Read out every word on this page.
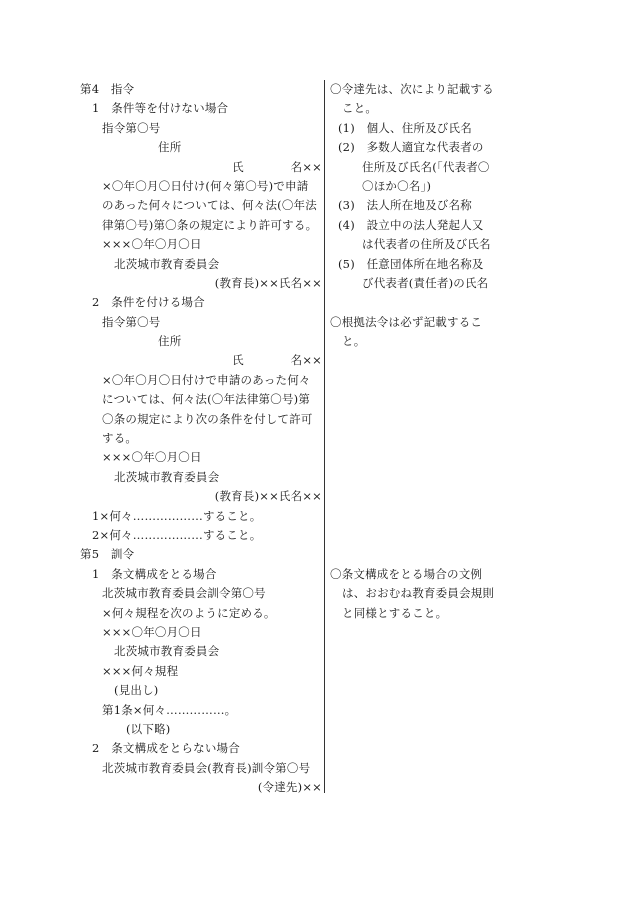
第4　指令
1　条件等を付けない場合
指令第〇号
住所
氏　　　　名××
×〇年〇月〇日付け(何々第〇号)で申請
のあった何々については、何々法(〇年法
律第〇号)第〇条の規定により許可する。
×××〇年〇月〇日
北茨城市教育委員会
(教育長)××氏名××
2　条件を付ける場合
指令第〇号
住所
氏　　　　名××
×〇年〇月〇日付けで申請のあった何々
については、何々法(〇年法律第〇号)第
〇条の規定により次の条件を付して許可
する。
×××〇年〇月〇日
北茨城市教育委員会
(教育長)××氏名××
1×何々………………すること。
2×何々………………すること。
第5　訓令
1　条文構成をとる場合
北茨城市教育委員会訓令第〇号
×何々規程を次のように定める。
×××〇年〇月〇日
北茨城市教育委員会
×××何々規程
(見出し)
第1条×何々……………。
(以下略)
2　条文構成をとらない場合
北茨城市教育委員会(教育長)訓令第〇号
(令達先)××
〇令達先は、次により記載する
こと。
(1)　個人、住所及び氏名
(2)　多数人適宜な代表者の
住所及び氏名(「代表者〇
〇ほか〇名」)
(3)　法人所在地及び名称
(4)　設立中の法人発起人又
は代表者の住所及び氏名
(5)　任意団体所在地名称及
び代表者(責任者)の氏名
〇根拠法令は必ず記載するこ
と。
〇条文構成をとる場合の文例
は、おおむね教育委員会規則
と同様とすること。
